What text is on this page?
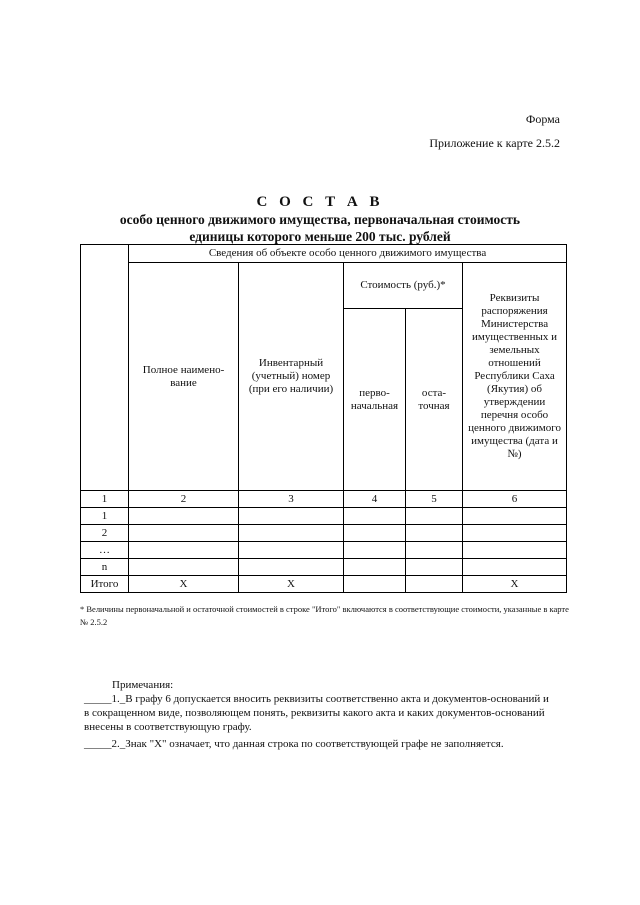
Форма
Приложение к карте 2.5.2
С О С Т А В
особо ценного движимого имущества, первоначальная стоимость
единицы которого меньше 200 тыс. рублей
	Сведения об объекте особо ценного движимого имущества				
	Полное наимено-вание	Инвентарный (учетный) номер (при его наличии)	Стоимость (руб.)*		Реквизиты распоряжения Министерства имущественных и земельных отношений Республики Саха (Якутия) об утверждении перечня особо ценного движимого имущества (дата и №)
			перво-начальная	оста-точная	
1	2	3	4	5	6
1					
2					
…					
n					
Итого	Х	Х			Х
* Величины первоначальной и остаточной стоимостей в строке "Итого" включаются в соответствующие стоимости, указанные в карте № 2.5.2

Примечания:

_____1._В графу 6 допускается вносить реквизиты соответственно акта и документов-оснований и в сокращенном виде, позволяющем понять, реквизиты какого акта и каких документов-оснований внесены в соответствующую графу.

_____2._Знак "Х" означает, что данная строка по соответствующей графе не заполняется.
